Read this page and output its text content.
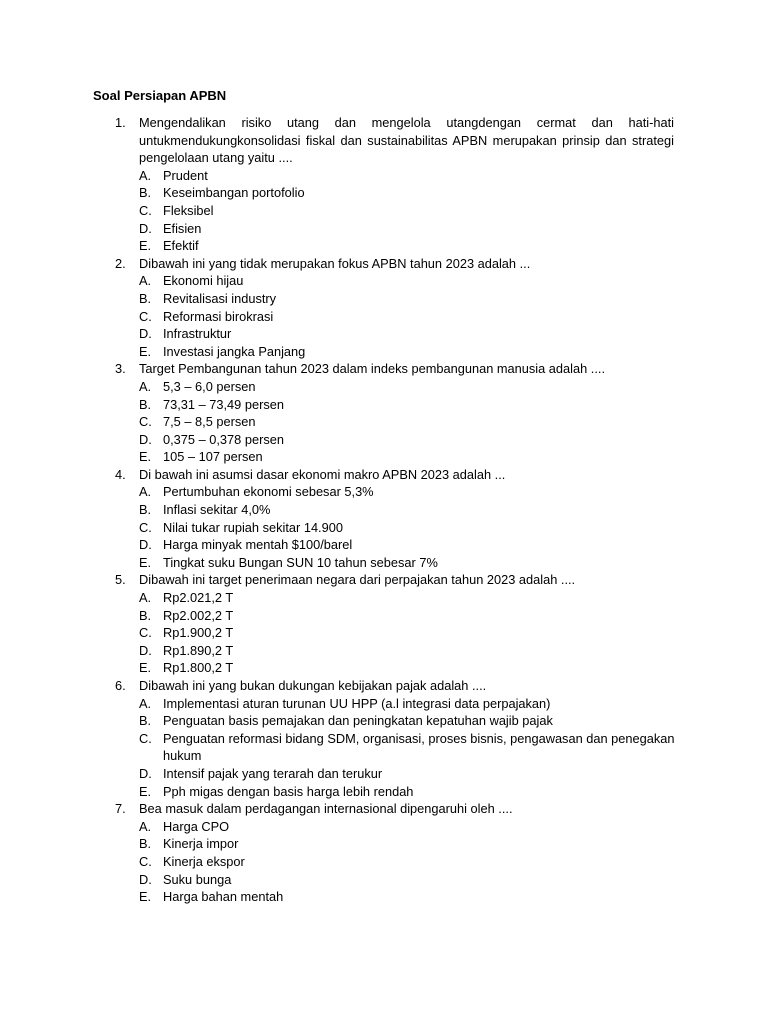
Soal Persiapan APBN
1. Mengendalikan risiko utang dan mengelola utangdengan cermat dan hati-hati untukmendukungkonsolidasi fiskal dan sustainabilitas APBN merupakan prinsip dan strategi pengelolaan utang yaitu ....
A. Prudent
B. Keseimbangan portofolio
C. Fleksibel
D. Efisien
E. Efektif
2. Dibawah ini yang tidak merupakan fokus APBN tahun 2023 adalah ...
A. Ekonomi hijau
B. Revitalisasi industry
C. Reformasi birokrasi
D. Infrastruktur
E. Investasi jangka Panjang
3. Target Pembangunan tahun 2023 dalam indeks pembangunan manusia adalah ....
A. 5,3 – 6,0 persen
B. 73,31 – 73,49 persen
C. 7,5 – 8,5 persen
D. 0,375 – 0,378 persen
E. 105 – 107 persen
4. Di bawah ini asumsi dasar ekonomi makro APBN 2023 adalah ...
A. Pertumbuhan ekonomi sebesar 5,3%
B. Inflasi sekitar 4,0%
C. Nilai tukar rupiah sekitar 14.900
D. Harga minyak mentah $100/barel
E. Tingkat suku Bungan SUN 10 tahun sebesar 7%
5. Dibawah ini target penerimaan negara dari perpajakan tahun 2023 adalah ....
A. Rp2.021,2 T
B. Rp2.002,2 T
C. Rp1.900,2 T
D. Rp1.890,2 T
E. Rp1.800,2 T
6. Dibawah ini yang bukan dukungan kebijakan pajak adalah ....
A. Implementasi aturan turunan UU HPP (a.l integrasi data perpajakan)
B. Penguatan basis pemajakan dan peningkatan kepatuhan wajib pajak
C. Penguatan reformasi bidang SDM, organisasi, proses bisnis, pengawasan dan penegakan hukum
D. Intensif pajak yang terarah dan terukur
E. Pph migas dengan basis harga lebih rendah
7. Bea masuk dalam perdagangan internasional dipengaruhi oleh ....
A. Harga CPO
B. Kinerja impor
C. Kinerja ekspor
D. Suku bunga
E. Harga bahan mentah
